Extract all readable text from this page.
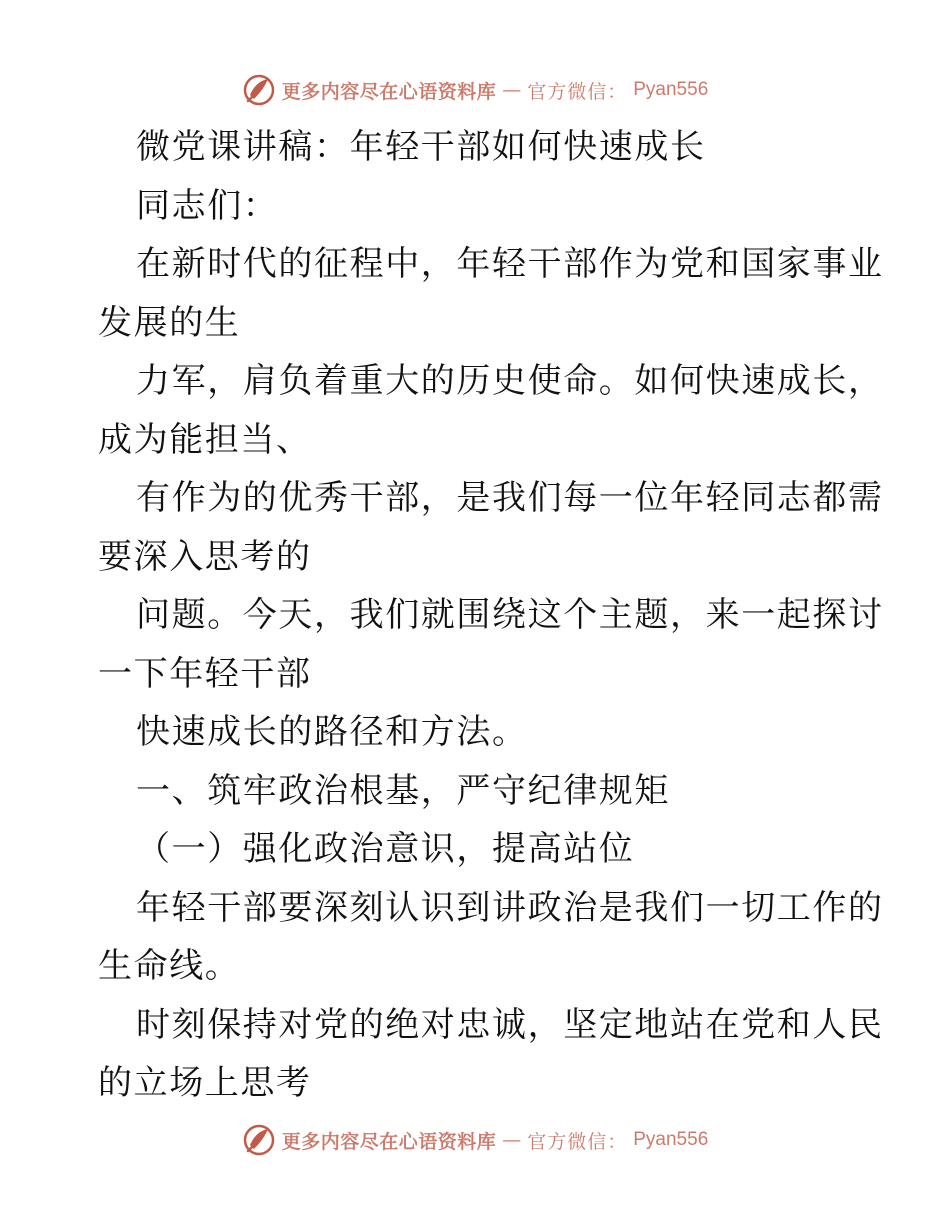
更多内容尽在心语资料库 — 官方微信： Pyan556
微党课讲稿：年轻干部如何快速成长
同志们：
在新时代的征程中，年轻干部作为党和国家事业
发展的生
力军，肩负着重大的历史使命。如何快速成长，
成为能担当、
有作为的优秀干部，是我们每一位年轻同志都需
要深入思考的
问题。今天，我们就围绕这个主题，来一起探讨
一下年轻干部
快速成长的路径和方法。
一、筑牢政治根基，严守纪律规矩
（一）强化政治意识，提高站位
年轻干部要深刻认识到讲政治是我们一切工作的
生命线。
时刻保持对党的绝对忠诚，坚定地站在党和人民
的立场上思考
更多内容尽在心语资料库 — 官方微信： Pyan556
